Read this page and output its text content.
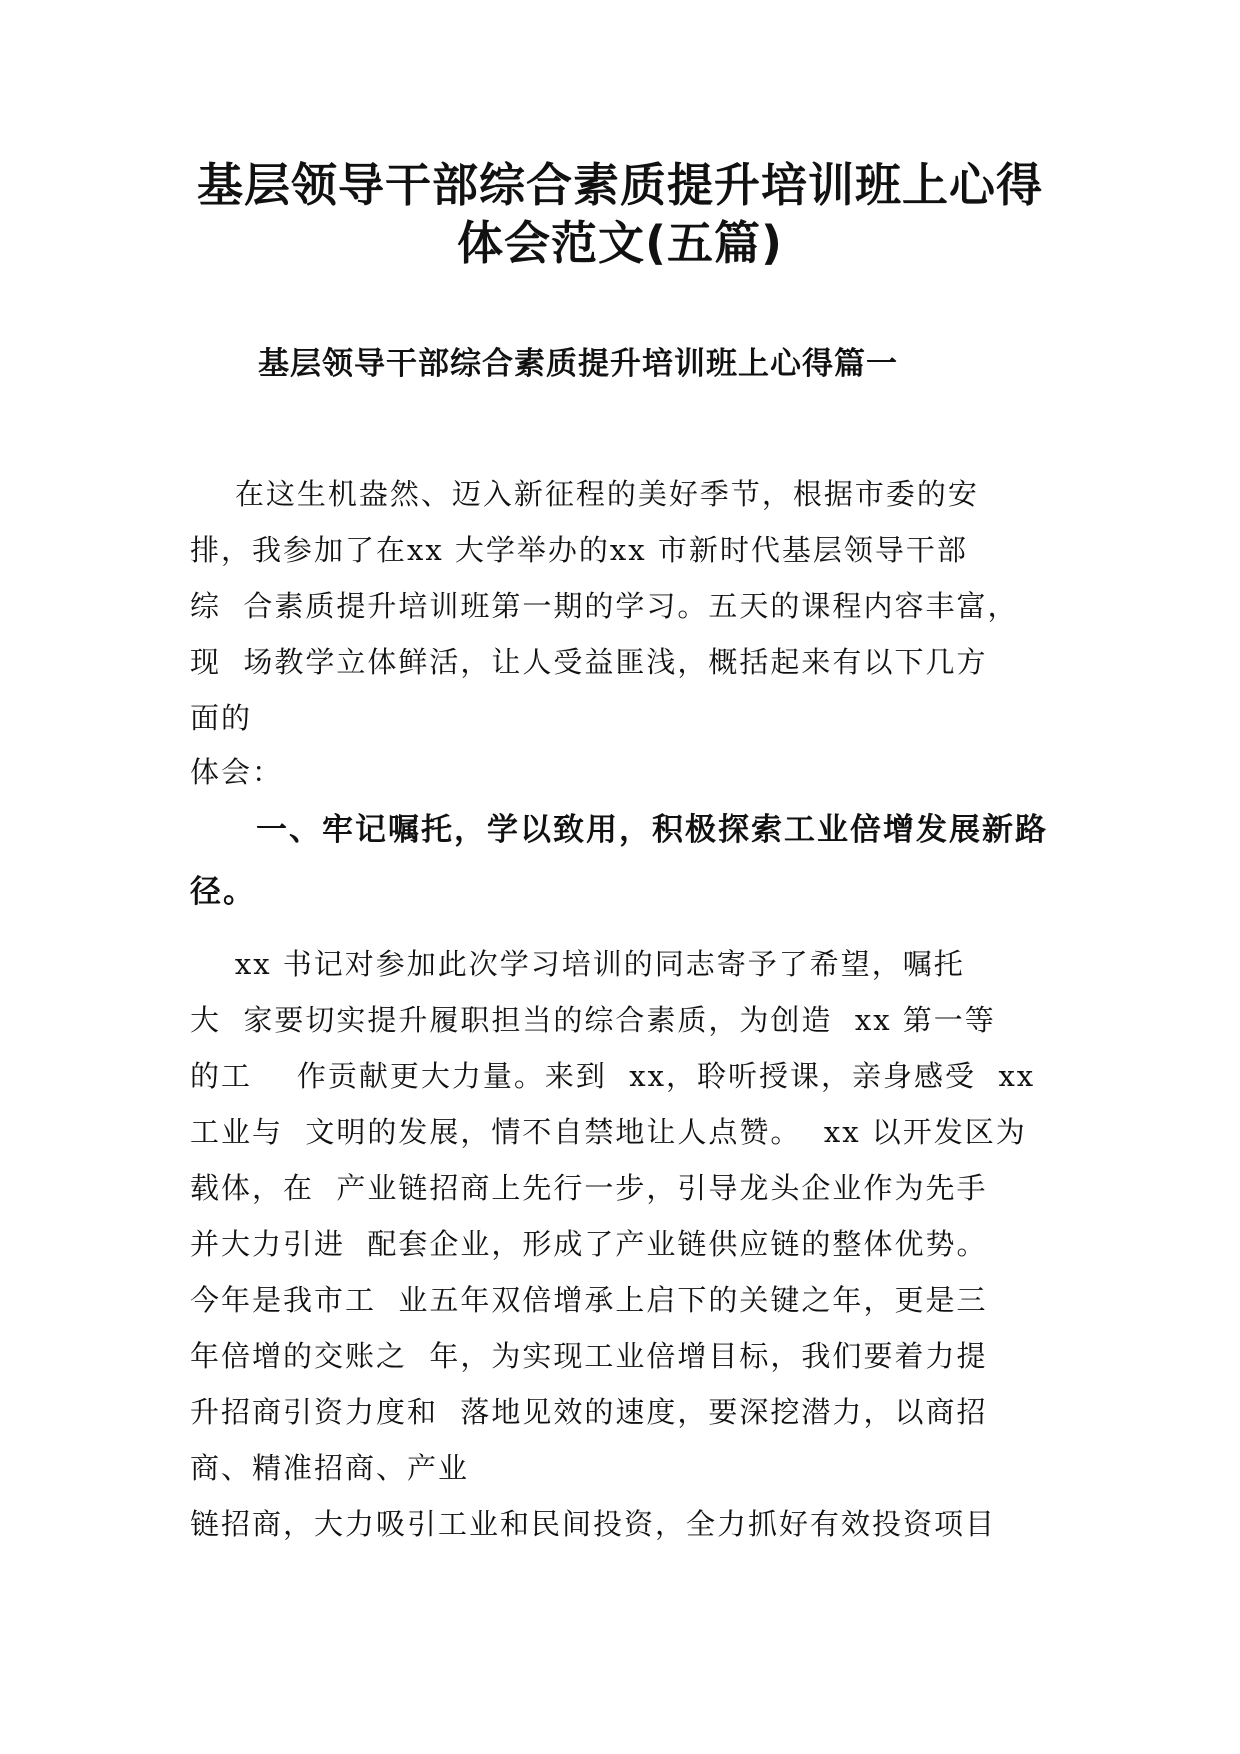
基层领导干部综合素质提升培训班上心得
体会范文(五篇)
基层领导干部综合素质提升培训班上心得篇一
在这生机盎然、迈入新征程的美好季节，根据市委的安
排，我参加了在xx 大学举办的xx 市新时代基层领导干部
综  合素质提升培训班第一期的学习。五天的课程内容丰富，
现  场教学立体鲜活，让人受益匪浅，概括起来有以下几方
面的
体会：
一、牢记嘱托，学以致用，积极探索工业倍增发展新路
径。
xx 书记对参加此次学习培训的同志寄予了希望，嘱托
大  家要切实提升履职担当的综合素质，为创造  xx 第一等
的工    作贡献更大力量。来到  xx，聆听授课，亲身感受  xx
工业与  文明的发展，情不自禁地让人点赞。  xx 以开发区为
载体，在  产业链招商上先行一步，引导龙头企业作为先手
并大力引进  配套企业，形成了产业链供应链的整体优势。
今年是我市工  业五年双倍增承上启下的关键之年，更是三
年倍增的交账之  年，为实现工业倍增目标，我们要着力提
升招商引资力度和  落地见效的速度，要深挖潜力，以商招
商、精准招商、产业
链招商，大力吸引工业和民间投资，全力抓好有效投资项目
